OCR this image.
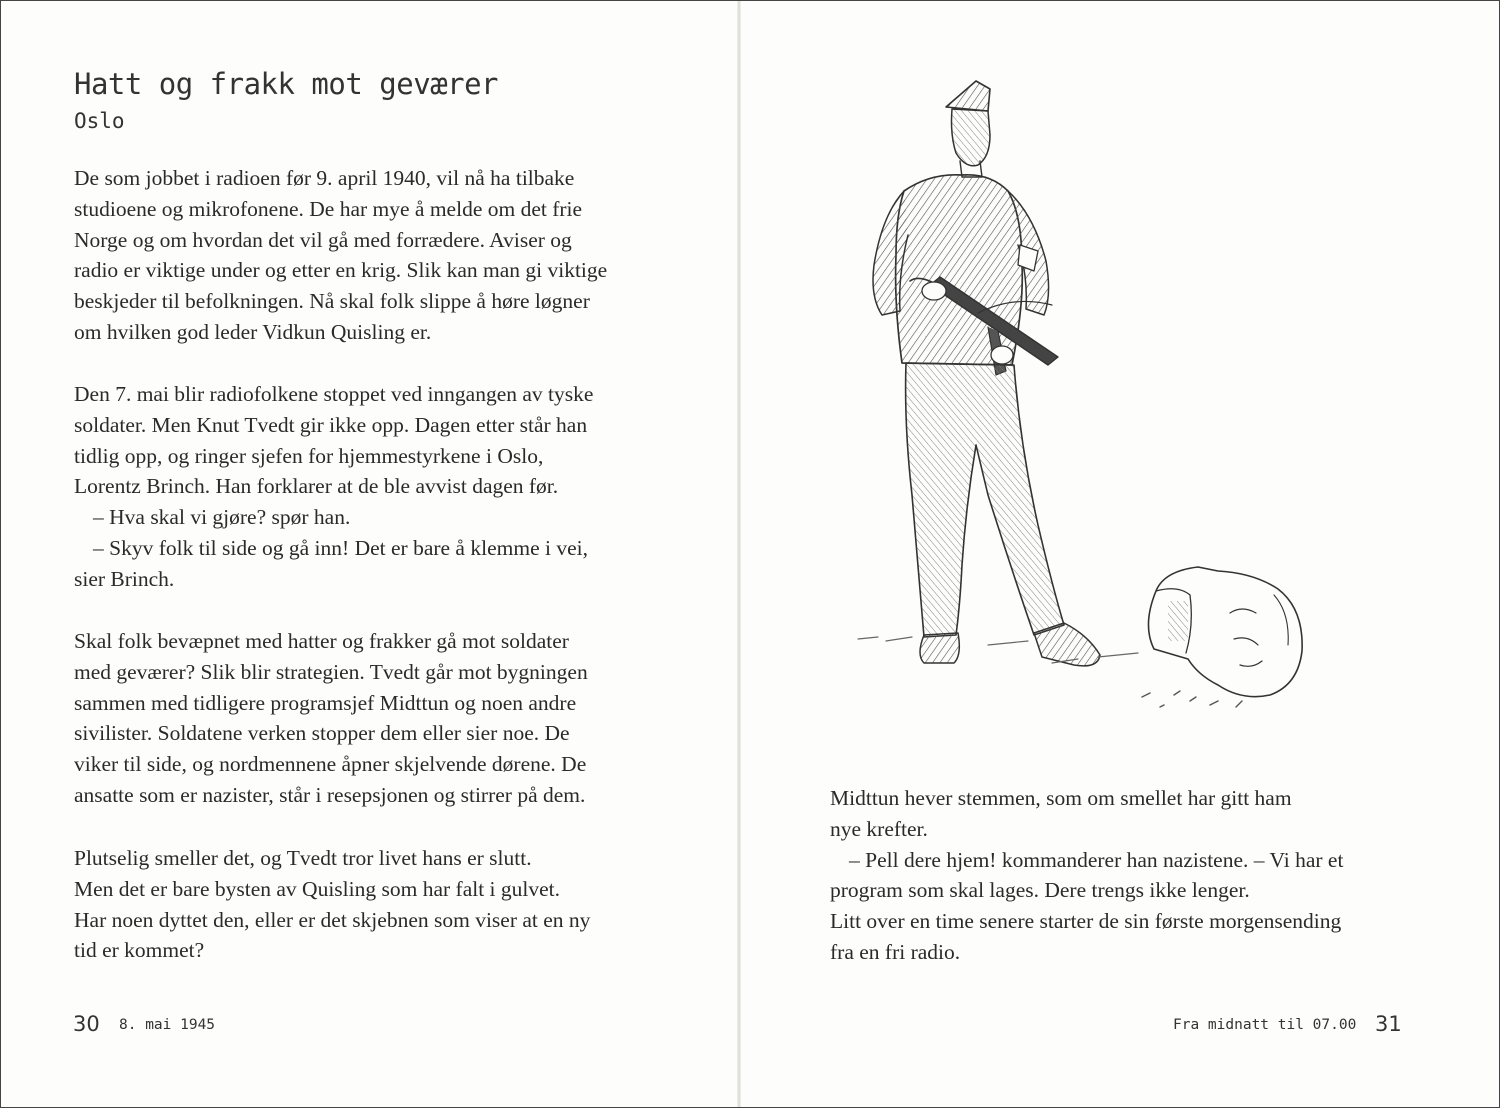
Hatt og frakk mot geværer
Oslo

De som jobbet i radioen før 9. april 1940, vil nå ha tilbake
studioene og mikrofonene. De har mye å melde om det frie
Norge og om hvordan det vil gå med forrædere. Aviser og
radio er viktige under og etter en krig. Slik kan man gi viktige
beskjeder til befolkningen. Nå skal folk slippe å høre løgner
om hvilken god leder Vidkun Quisling er.

Den 7. mai blir radiofolkene stoppet ved inngangen av tyske
soldater. Men Knut Tvedt gir ikke opp. Dagen etter står han
tidlig opp, og ringer sjefen for hjemmestyrkene i Oslo,
Lorentz Brinch. Han forklarer at de ble avvist dagen før.
– Hva skal vi gjøre? spør han.
– Skyv folk til side og gå inn! Det er bare å klemme i vei,
sier Brinch.

Skal folk bevæpnet med hatter og frakker gå mot soldater
med geværer? Slik blir strategien. Tvedt går mot bygningen
sammen med tidligere programsjef Midttun og noen andre
sivilister. Soldatene verken stopper dem eller sier noe. De
viker til side, og nordmennene åpner skjelvende dørene. De
ansatte som er nazister, står i resepsjonen og stirrer på dem.

Plutselig smeller det, og Tvedt tror livet hans er slutt.
Men det er bare bysten av Quisling som har falt i gulvet.
Har noen dyttet den, eller er det skjebnen som viser at en ny
tid er kommet?

30 8. mai 1945

Midttun hever stemmen, som om smellet har gitt ham
nye krefter.
– Pell dere hjem! kommanderer han nazistene. – Vi har et
program som skal lages. Dere trengs ikke lenger.
Litt over en time senere starter de sin første morgensending
fra en fri radio.

Fra midnatt til 07.00 31
